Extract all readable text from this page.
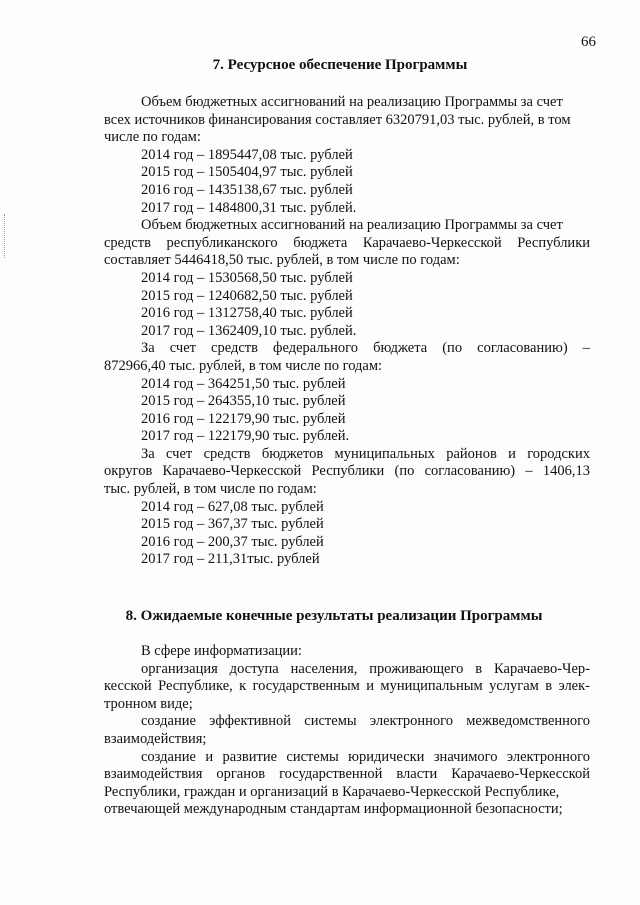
66
7. Ресурсное обеспечение Программы

Объем бюджетных ассигнований на реализацию Программы за счет

всех источников финансирования составляет 6320791,03 тыс. рублей, в том

числе по годам:

2014 год – 1895447,08 тыс. рублей

2015 год – 1505404,97 тыс. рублей

2016 год – 1435138,67 тыс. рублей

2017 год – 1484800,31 тыс. рублей.

Объем бюджетных ассигнований на реализацию Программы за счет

средств республиканского бюджета Карачаево-Черкесской Республики

составляет 5446418,50 тыс. рублей, в том числе по годам:

2014 год – 1530568,50 тыс. рублей

2015 год – 1240682,50 тыс. рублей

2016 год – 1312758,40 тыс. рублей

2017 год – 1362409,10 тыс. рублей.

За счет средств федерального бюджета (по согласованию) –

872966,40 тыс. рублей, в том числе по годам:

2014 год – 364251,50 тыс. рублей

2015 год – 264355,10 тыс. рублей

2016 год – 122179,90 тыс. рублей

2017 год – 122179,90 тыс. рублей.

За счет средств бюджетов муниципальных районов и городских

округов Карачаево-Черкесской Республики (по согласованию) – 1406,13

тыс. рублей, в том числе по годам:

2014 год – 627,08 тыс. рублей

2015 год – 367,37 тыс. рублей

2016 год – 200,37 тыс. рублей

2017 год – 211,31тыс. рублей

8. Ожидаемые конечные результаты реализации Программы

В сфере информатизации:

организация доступа населения, проживающего в Карачаево-Чер-

кесской Республике, к государственным и муниципальным услугам в элек-

тронном виде;

создание эффективной системы электронного межведомственного

взаимодействия;

создание и развитие системы юридически значимого электронного

взаимодействия органов государственной власти Карачаево-Черкесской

Республики, граждан и организаций в Карачаево-Черкесской Республике,

отвечающей международным стандартам информационной безопасности;
